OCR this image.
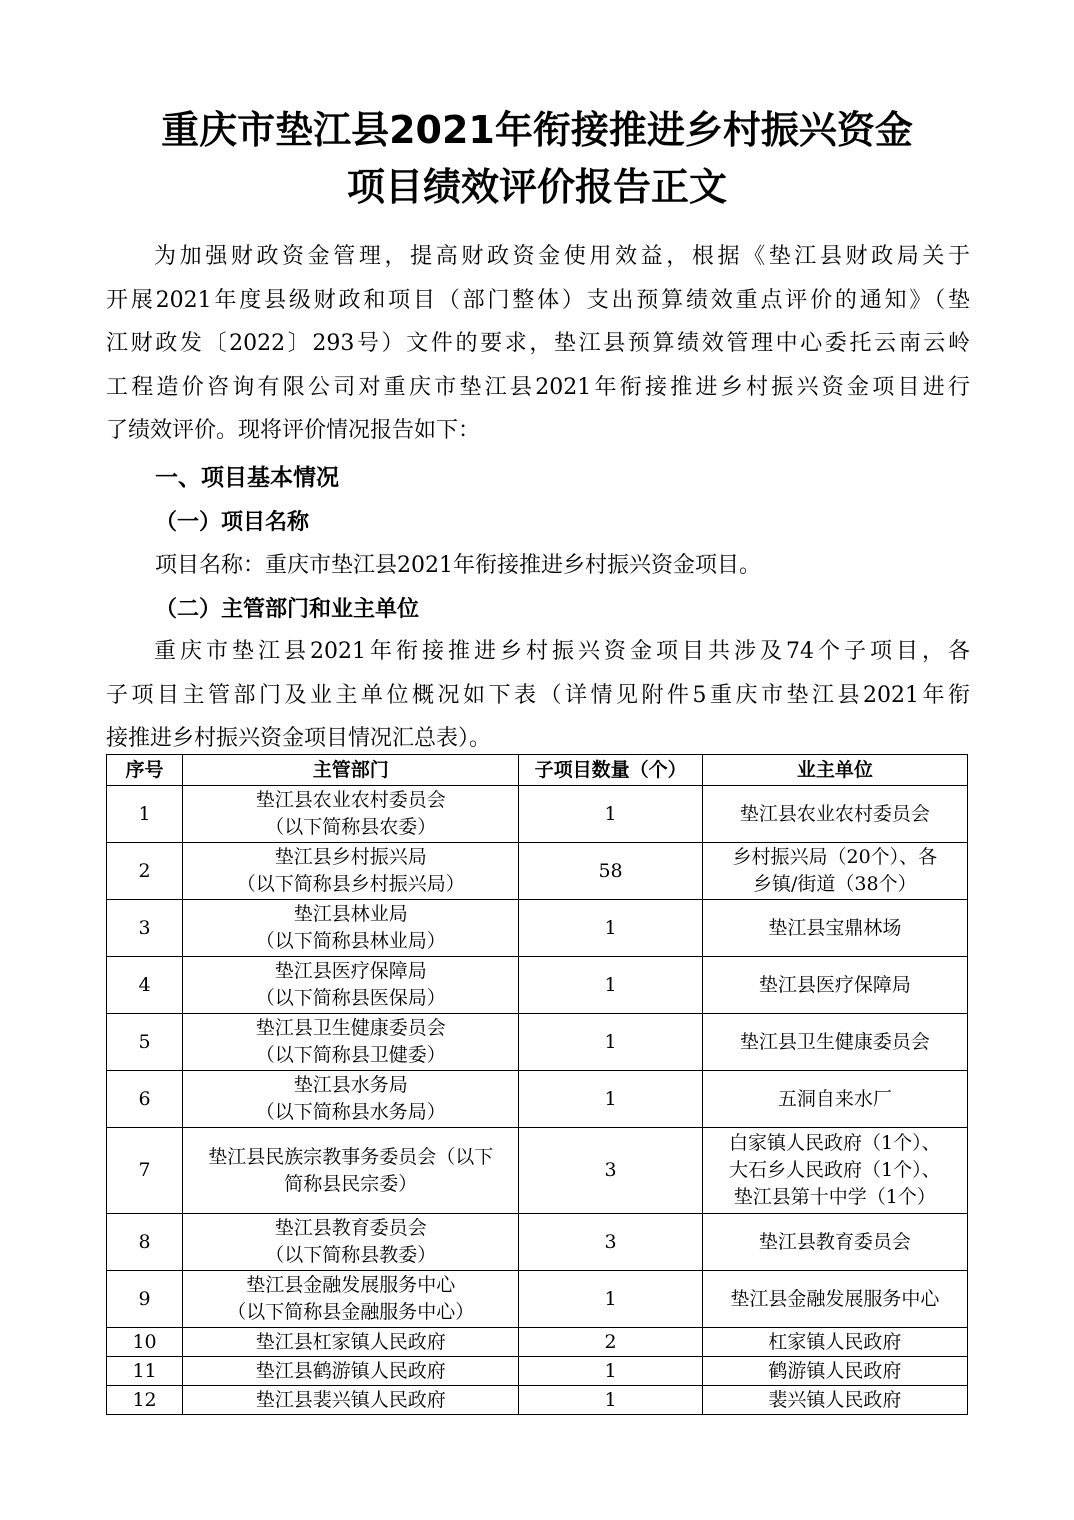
重庆市垫江县2021年衔接推进乡村振兴资金
项目绩效评价报告正文
为加强财政资金管理，提高财政资金使用效益，根据《垫江县财政局关于
开展2021年度县级财政和项目（部门整体）支出预算绩效重点评价的通知》（垫
江财政发〔2022〕293号）文件的要求，垫江县预算绩效管理中心委托云南云岭
工程造价咨询有限公司对重庆市垫江县2021年衔接推进乡村振兴资金项目进行
了绩效评价。现将评价情况报告如下：
一、项目基本情况
（一）项目名称
项目名称：重庆市垫江县2021年衔接推进乡村振兴资金项目。
（二）主管部门和业主单位
重庆市垫江县2021年衔接推进乡村振兴资金项目共涉及74个子项目，各
子项目主管部门及业主单位概况如下表（详情见附件5重庆市垫江县2021年衔
接推进乡村振兴资金项目情况汇总表）。
序号	主管部门	子项目数量（个）	业主单位

1	垫江县农业农村委员会
（以下简称县农委）	1	垫江县农业农村委员会

2	垫江县乡村振兴局
（以下简称县乡村振兴局）	58	乡村振兴局（20个）、各
乡镇/街道（38个）

3	垫江县林业局
（以下简称县林业局）	1	垫江县宝鼎林场

4	垫江县医疗保障局
（以下简称县医保局）	1	垫江县医疗保障局

5	垫江县卫生健康委员会
（以下简称县卫健委）	1	垫江县卫生健康委员会

6	垫江县水务局
（以下简称县水务局）	1	五洞自来水厂

7	垫江县民族宗教事务委员会（以下
简称县民宗委）	3	白家镇人民政府（1个）、
大石乡人民政府（1个）、
垫江县第十中学（1个）

8	垫江县教育委员会
（以下简称县教委）	3	垫江县教育委员会

9	垫江县金融发展服务中心
（以下简称县金融服务中心）	1	垫江县金融发展服务中心

10	垫江县杠家镇人民政府	2	杠家镇人民政府

11	垫江县鹤游镇人民政府	1	鹤游镇人民政府

12	垫江县裴兴镇人民政府	1	裴兴镇人民政府
